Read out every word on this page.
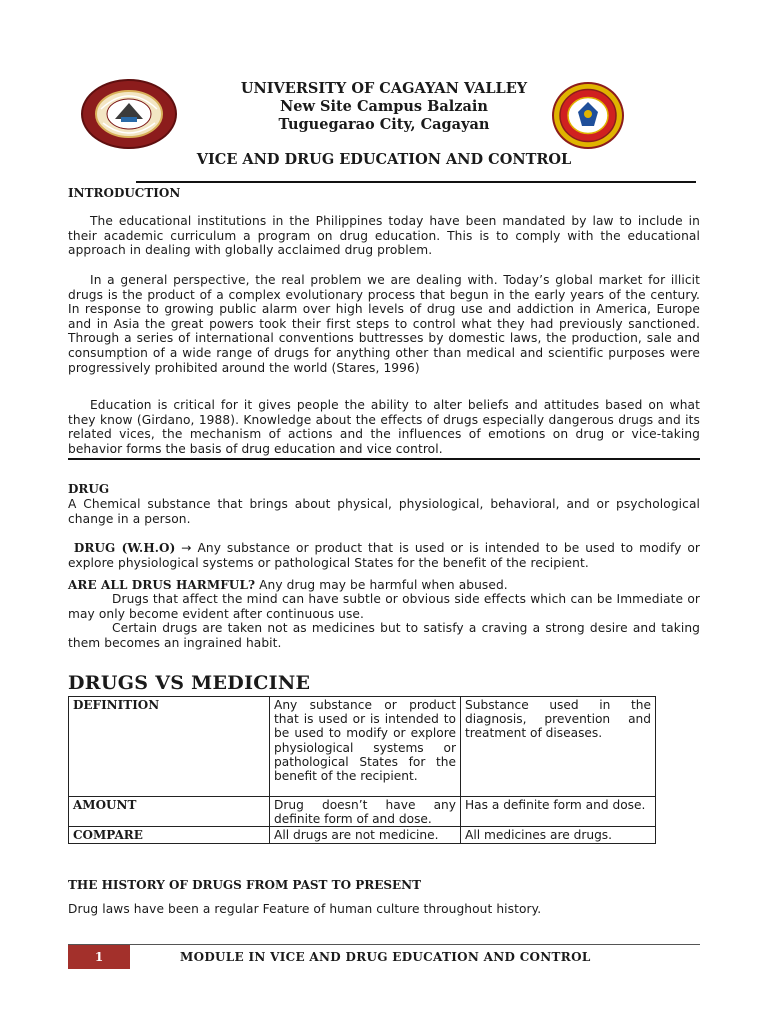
UNIVERSITY OF CAGAYAN VALLEY
New Site Campus Balzain
Tuguegarao City, Cagayan
VICE AND DRUG EDUCATION AND CONTROL
INTRODUCTION
The educational institutions in the Philippines today have been mandated by law to include in their academic curriculum a program on drug education. This is to comply with the educational approach in dealing with globally acclaimed drug problem.
In a general perspective, the real problem we are dealing with. Today’s global market for illicit drugs is the product of a complex evolutionary process that begun in the early years of the century. In response to growing public alarm over high levels of drug use and addiction in America, Europe and in Asia the great powers took their first steps to control what they had previously sanctioned. Through a series of international conventions buttresses by domestic laws, the production, sale and consumption of a wide range of drugs for anything other than medical and scientific purposes were progressively prohibited around the world (Stares, 1996)
Education is critical for it gives people the ability to alter beliefs and attitudes based on what they know (Girdano, 1988). Knowledge about the effects of drugs especially dangerous drugs and its related vices, the mechanism of actions and the influences of emotions on drug or vice-taking behavior forms the basis of drug education and vice control.
DRUG
A Chemical substance that brings about physical, physiological, behavioral, and or psychological change in a person.
DRUG (W.H.O) → Any substance or product that is used or is intended to be used to modify or explore physiological systems or pathological States for the benefit of the recipient.
ARE ALL DRUS HARMFUL? Any drug may be harmful when abused.
Drugs that affect the mind can have subtle or obvious side effects which can be Immediate or may only become evident after continuous use.
Certain drugs are taken not as medicines but to satisfy a craving a strong desire and taking them becomes an ingrained habit.
DRUGS VS MEDICINE
DEFINITION	Any substance or product that is used or is intended to be used to modify or explore physiological systems or pathological States for the benefit of the recipient.	Substance used in the diagnosis, prevention and treatment of diseases.
AMOUNT	Drug doesn’t have any definite form of and dose.	Has a definite form and dose.
COMPARE	All drugs are not medicine.	All medicines are drugs.
THE HISTORY OF DRUGS FROM PAST TO PRESENT
Drug laws have been a regular Feature of human culture throughout history.
1	MODULE IN VICE AND DRUG EDUCATION AND CONTROL
